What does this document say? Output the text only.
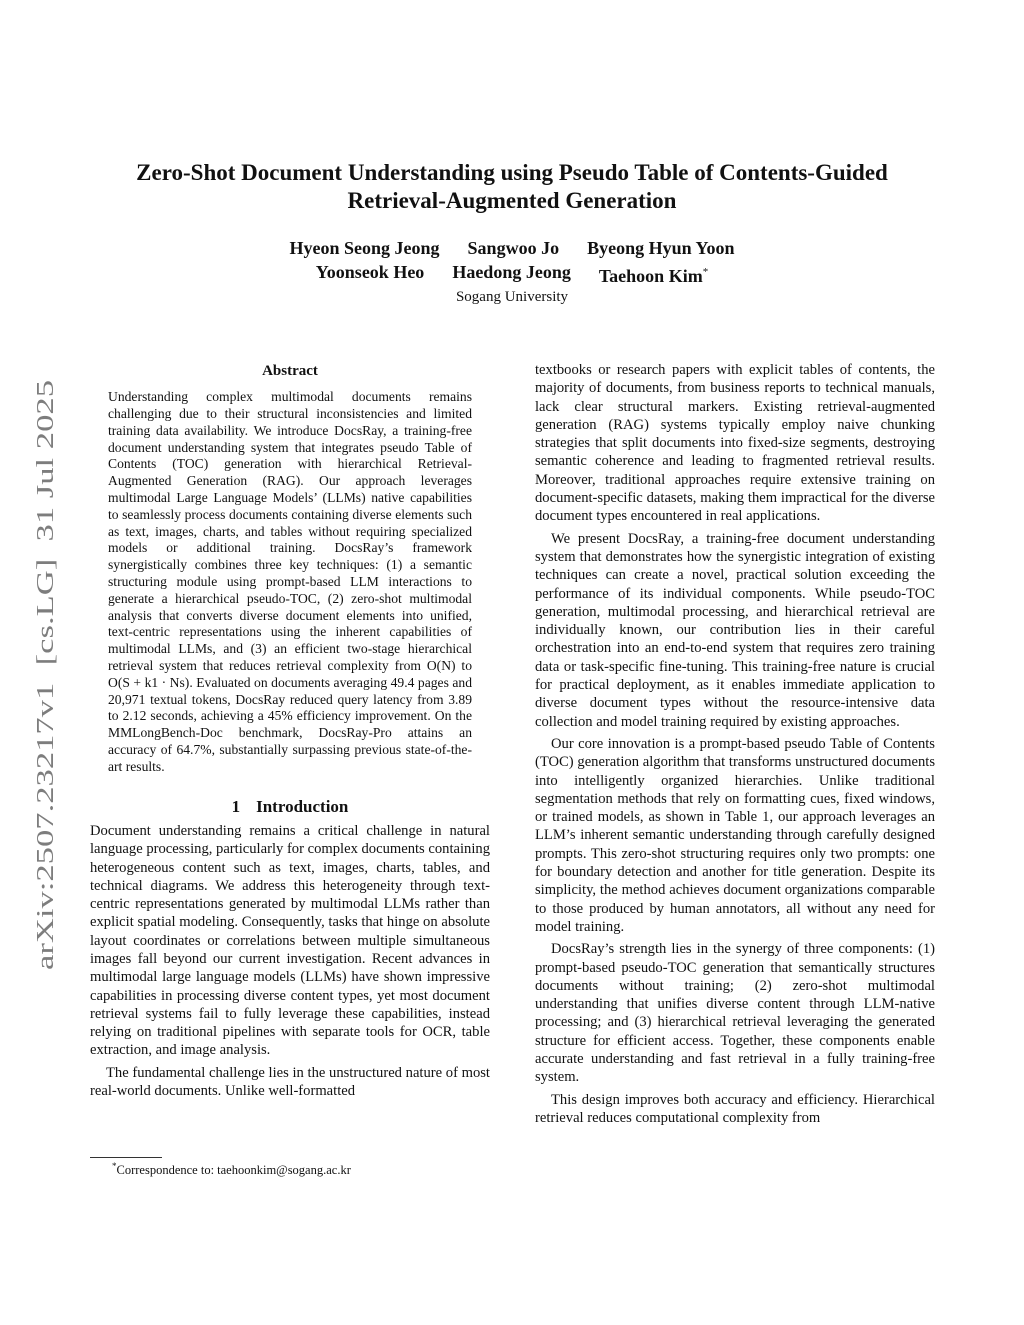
arXiv:2507.23217v1  [cs.LG]  31 Jul 2025
Zero-Shot Document Understanding using Pseudo Table of Contents-Guided
Retrieval-Augmented Generation
Hyeon Seong Jeong Sangwoo Jo Byeong Hyun Yoon
Yoonseok Heo Haedong Jeong Taehoon Kim*
Sogang University
Abstract

Understanding complex multimodal documents remains challenging due to their structural inconsistencies and limited training data availability. We introduce DocsRay, a training-free document understanding system that integrates pseudo Table of Contents (TOC) generation with hierarchical Retrieval-Augmented Generation (RAG). Our approach leverages multimodal Large Language Models’ (LLMs) native capabilities to seamlessly process documents containing diverse elements such as text, images, charts, and tables without requiring specialized models or additional training. DocsRay’s framework synergistically combines three key techniques: (1) a semantic structuring module using prompt-based LLM interactions to generate a hierarchical pseudo-TOC, (2) zero-shot multimodal analysis that converts diverse document elements into unified, text-centric representations using the inherent capabilities of multimodal LLMs, and (3) an efficient two-stage hierarchical retrieval system that reduces retrieval complexity from O(N) to O(S + k1 · Ns). Evaluated on documents averaging 49.4 pages and 20,971 textual tokens, DocsRay reduced query latency from 3.89 to 2.12 seconds, achieving a 45% efficiency improvement. On the MMLongBench-Doc benchmark, DocsRay-Pro attains an accuracy of 64.7%, substantially surpassing previous state-of-the-art results.

1 Introduction

Document understanding remains a critical challenge in natural language processing, particularly for complex documents containing heterogeneous content such as text, images, charts, tables, and technical diagrams. We address this heterogeneity through text-centric representations generated by multimodal LLMs rather than explicit spatial modeling. Consequently, tasks that hinge on absolute layout coordinates or correlations between multiple simultaneous images fall beyond our current investigation. Recent advances in multimodal large language models (LLMs) have shown impressive capabilities in processing diverse content types, yet most document retrieval systems fail to fully leverage these capabilities, instead relying on traditional pipelines with separate tools for OCR, table extraction, and image analysis.

The fundamental challenge lies in the unstructured nature of most real-world documents. Unlike well-formatted

textbooks or research papers with explicit tables of contents, the majority of documents, from business reports to technical manuals, lack clear structural markers. Existing retrieval-augmented generation (RAG) systems typically employ naive chunking strategies that split documents into fixed-size segments, destroying semantic coherence and leading to fragmented retrieval results. Moreover, traditional approaches require extensive training on document-specific datasets, making them impractical for the diverse document types encountered in real applications.

We present DocsRay, a training-free document understanding system that demonstrates how the synergistic integration of existing techniques can create a novel, practical solution exceeding the performance of its individual components. While pseudo-TOC generation, multimodal processing, and hierarchical retrieval are individually known, our contribution lies in their careful orchestration into an end-to-end system that requires zero training data or task-specific fine-tuning. This training-free nature is crucial for practical deployment, as it enables immediate application to diverse document types without the resource-intensive data collection and model training required by existing approaches.

Our core innovation is a prompt-based pseudo Table of Contents (TOC) generation algorithm that transforms unstructured documents into intelligently organized hierarchies. Unlike traditional segmentation methods that rely on formatting cues, fixed windows, or trained models, as shown in Table 1, our approach leverages an LLM’s inherent semantic understanding through carefully designed prompts. This zero-shot structuring requires only two prompts: one for boundary detection and another for title generation. Despite its simplicity, the method achieves document organizations comparable to those produced by human annotators, all without any need for model training.

DocsRay’s strength lies in the synergy of three components: (1) prompt-based pseudo-TOC generation that semantically structures documents without training; (2) zero-shot multimodal understanding that unifies diverse content through LLM-native processing; and (3) hierarchical retrieval leveraging the generated structure for efficient access. Together, these components enable accurate understanding and fast retrieval in a fully training-free system.

This design improves both accuracy and efficiency. Hierarchical retrieval reduces computational complexity from

*Correspondence to: taehoonkim@sogang.ac.kr
